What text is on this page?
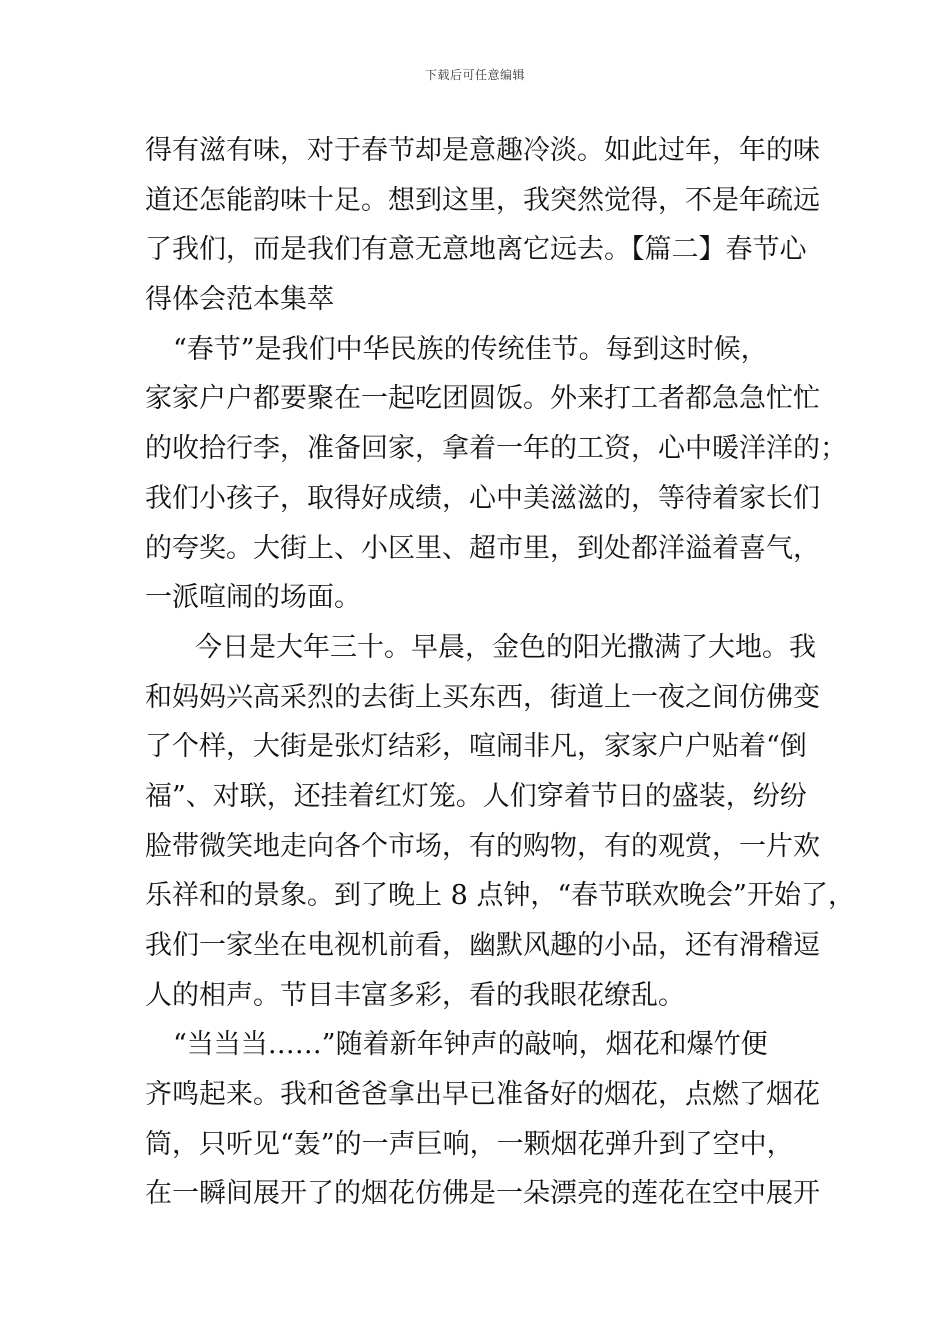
下载后可任意编辑
得有滋有味，对于春节却是意趣冷淡。如此过年，年的味
道还怎能韵味十足。想到这里，我突然觉得，不是年疏远
了我们，而是我们有意无意地离它远去。【篇二】春节心
得体会范本集萃
“春节”是我们中华民族的传统佳节。每到这时候，
家家户户都要聚在一起吃团圆饭。外来打工者都急急忙忙
的收拾行李，准备回家，拿着一年的工资，心中暖洋洋的；
我们小孩子，取得好成绩，心中美滋滋的，等待着家长们
的夸奖。大街上、小区里、超市里，到处都洋溢着喜气，
一派喧闹的场面。
今日是大年三十。早晨，金色的阳光撒满了大地。我
和妈妈兴高采烈的去街上买东西，街道上一夜之间仿佛变
了个样，大街是张灯结彩，喧闹非凡，家家户户贴着“倒
福”、对联，还挂着红灯笼。人们穿着节日的盛装，纷纷
脸带微笑地走向各个市场，有的购物，有的观赏，一片欢
乐祥和的景象。到了晚上 8 点钟，“春节联欢晚会”开始了，
我们一家坐在电视机前看，幽默风趣的小品，还有滑稽逗
人的相声。节目丰富多彩，看的我眼花缭乱。
“当当当……”随着新年钟声的敲响，烟花和爆竹便
齐鸣起来。我和爸爸拿出早已准备好的烟花，点燃了烟花
筒，只听见“轰”的一声巨响，一颗烟花弹升到了空中，
在一瞬间展开了的烟花仿佛是一朵漂亮的莲花在空中展开
